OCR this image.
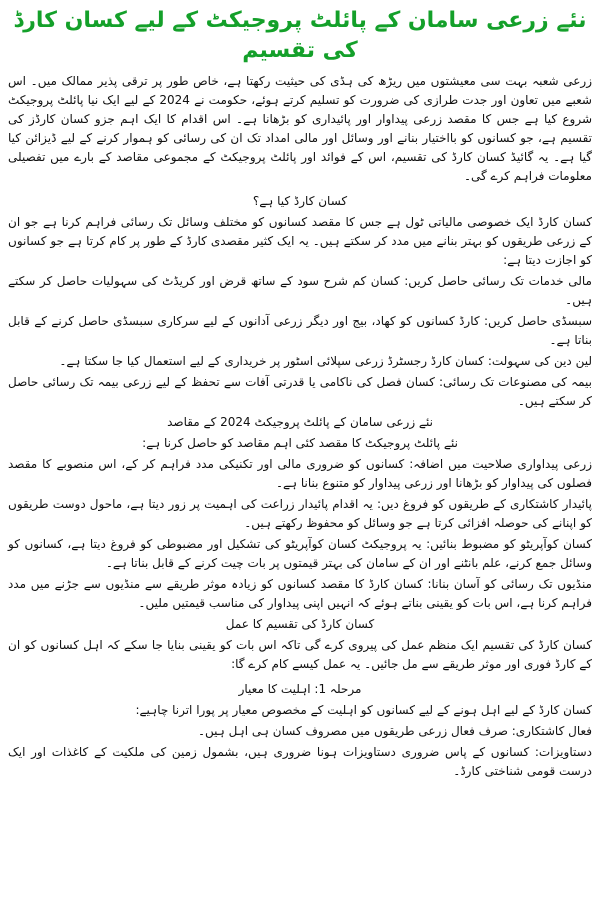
نئے زرعی سامان کے پائلٹ پروجیکٹ کے لیے کسان کارڈ کی تقسیم
زرعی شعبہ بہت سی معیشتوں میں ریڑھ کی ہڈی کی حیثیت رکھتا ہے، خاص طور پر ترقی پذیر ممالک میں۔ اس شعبے میں تعاون اور جدت طرازی کی ضرورت کو تسلیم کرتے ہوئے، حکومت نے 2024 کے لیے ایک نیا پائلٹ پروجیکٹ شروع کیا ہے جس کا مقصد زرعی پیداوار اور پائیداری کو بڑھانا ہے۔ اس اقدام کا ایک اہم جزو کسان کارڈز کی تقسیم ہے، جو کسانوں کو بااختیار بنانے اور وسائل اور مالی امداد تک ان کی رسائی کو ہموار کرنے کے لیے ڈیزائن کیا گیا ہے۔ یہ گائیڈ کسان کارڈ کی تقسیم، اس کے فوائد اور پائلٹ پروجیکٹ کے مجموعی مقاصد کے بارے میں تفصیلی معلومات فراہم کرے گی۔
کسان کارڈ کیا ہے؟
کسان کارڈ ایک خصوصی مالیاتی ٹول ہے جس کا مقصد کسانوں کو مختلف وسائل تک رسائی فراہم کرنا ہے جو ان کے زرعی طریقوں کو بہتر بنانے میں مدد کر سکتے ہیں۔ یہ ایک کثیر مقصدی کارڈ کے طور پر کام کرتا ہے جو کسانوں کو اجازت دیتا ہے:
مالی خدمات تک رسائی حاصل کریں: کسان کم شرح سود کے ساتھ قرض اور کریڈٹ کی سہولیات حاصل کر سکتے ہیں۔
سبسڈی حاصل کریں: کارڈ کسانوں کو کھاد، بیج اور دیگر زرعی آدانوں کے لیے سرکاری سبسڈی حاصل کرنے کے قابل بناتا ہے۔
لین دین کی سہولت: کسان کارڈ رجسٹرڈ زرعی سپلائی اسٹور پر خریداری کے لیے استعمال کیا جا سکتا ہے۔
بیمہ کی مصنوعات تک رسائی: کسان فصل کی ناکامی یا قدرتی آفات سے تحفظ کے لیے زرعی بیمہ تک رسائی حاصل کر سکتے ہیں۔
نئے زرعی سامان کے پائلٹ پروجیکٹ 2024 کے مقاصد
نئے پائلٹ پروجیکٹ کا مقصد کئی اہم مقاصد کو حاصل کرنا ہے:
زرعی پیداواری صلاحیت میں اضافہ: کسانوں کو ضروری مالی اور تکنیکی مدد فراہم کر کے، اس منصوبے کا مقصد فصلوں کی پیداوار کو بڑھانا اور زرعی پیداوار کو متنوع بنانا ہے۔
پائیدار کاشتکاری کے طریقوں کو فروغ دیں: یہ اقدام پائیدار زراعت کی اہمیت پر زور دیتا ہے، ماحول دوست طریقوں کو اپنانے کی حوصلہ افزائی کرتا ہے جو وسائل کو محفوظ رکھتے ہیں۔
کسان کوآپریٹو کو مضبوط بنائیں: یہ پروجیکٹ کسان کوآپریٹو کی تشکیل اور مضبوطی کو فروغ دیتا ہے، کسانوں کو وسائل جمع کرنے، علم بانٹنے اور ان کے سامان کی بہتر قیمتوں پر بات چیت کرنے کے قابل بناتا ہے۔
منڈیوں تک رسائی کو آسان بنانا: کسان کارڈ کا مقصد کسانوں کو زیادہ موثر طریقے سے منڈیوں سے جڑنے میں مدد فراہم کرنا ہے، اس بات کو یقینی بناتے ہوئے کہ انہیں اپنی پیداوار کی مناسب قیمتیں ملیں۔
کسان کارڈ کی تقسیم کا عمل
کسان کارڈ کی تقسیم ایک منظم عمل کی پیروی کرے گی تاکہ اس بات کو یقینی بنایا جا سکے کہ اہل کسانوں کو ان کے کارڈ فوری اور موثر طریقے سے مل جائیں۔ یہ عمل کیسے کام کرے گا:
مرحلہ 1: اہلیت کا معیار
کسان کارڈ کے لیے اہل ہونے کے لیے کسانوں کو اہلیت کے مخصوص معیار پر پورا اترنا چاہیے:
فعال کاشتکاری: صرف فعال زرعی طریقوں میں مصروف کسان ہی اہل ہیں۔
دستاویزات: کسانوں کے پاس ضروری دستاویزات ہونا ضروری ہیں، بشمول زمین کی ملکیت کے کاغذات اور ایک درست قومی شناختی کارڈ۔
